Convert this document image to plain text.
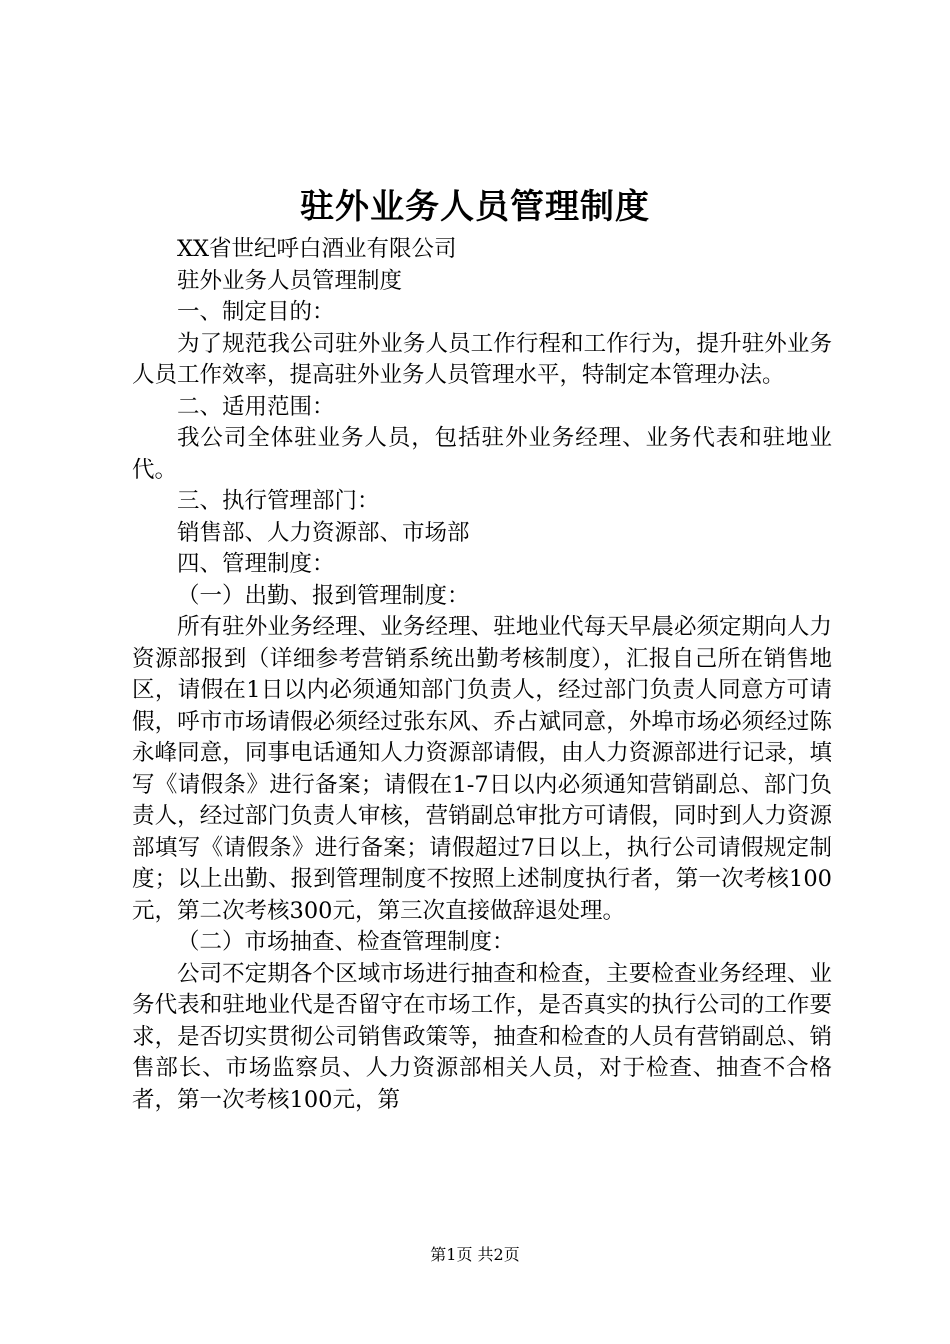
驻外业务人员管理制度

XX省世纪呼白酒业有限公司

驻外业务人员管理制度

一、制定目的：

为了规范我公司驻外业务人员工作行程和工作行为，提升驻外业务人员工作效率，提高驻外业务人员管理水平，特制定本管理办法。

二、适用范围：

我公司全体驻业务人员，包括驻外业务经理、业务代表和驻地业代。

三、执行管理部门：

销售部、人力资源部、市场部

四、管理制度：

（一）出勤、报到管理制度：

所有驻外业务经理、业务经理、驻地业代每天早晨必须定期向人力资源部报到（详细参考营销系统出勤考核制度），汇报自己所在销售地区，请假在1日以内必须通知部门负责人，经过部门负责人同意方可请假，呼市市场请假必须经过张东风、乔占斌同意，外埠市场必须经过陈永峰同意，同事电话通知人力资源部请假，由人力资源部进行记录，填写《请假条》进行备案；请假在1-7日以内必须通知营销副总、部门负责人，经过部门负责人审核，营销副总审批方可请假，同时到人力资源部填写《请假条》进行备案；请假超过7日以上，执行公司请假规定制度；以上出勤、报到管理制度不按照上述制度执行者，第一次考核100元，第二次考核300元，第三次直接做辞退处理。

（二）市场抽查、检查管理制度：

公司不定期各个区域市场进行抽查和检查，主要检查业务经理、业务代表和驻地业代是否留守在市场工作，是否真实的执行公司的工作要求，是否切实贯彻公司销售政策等，抽查和检查的人员有营销副总、销售部长、市场监察员、人力资源部相关人员，对于检查、抽查不合格者，第一次考核100元，第

第1页 共2页
